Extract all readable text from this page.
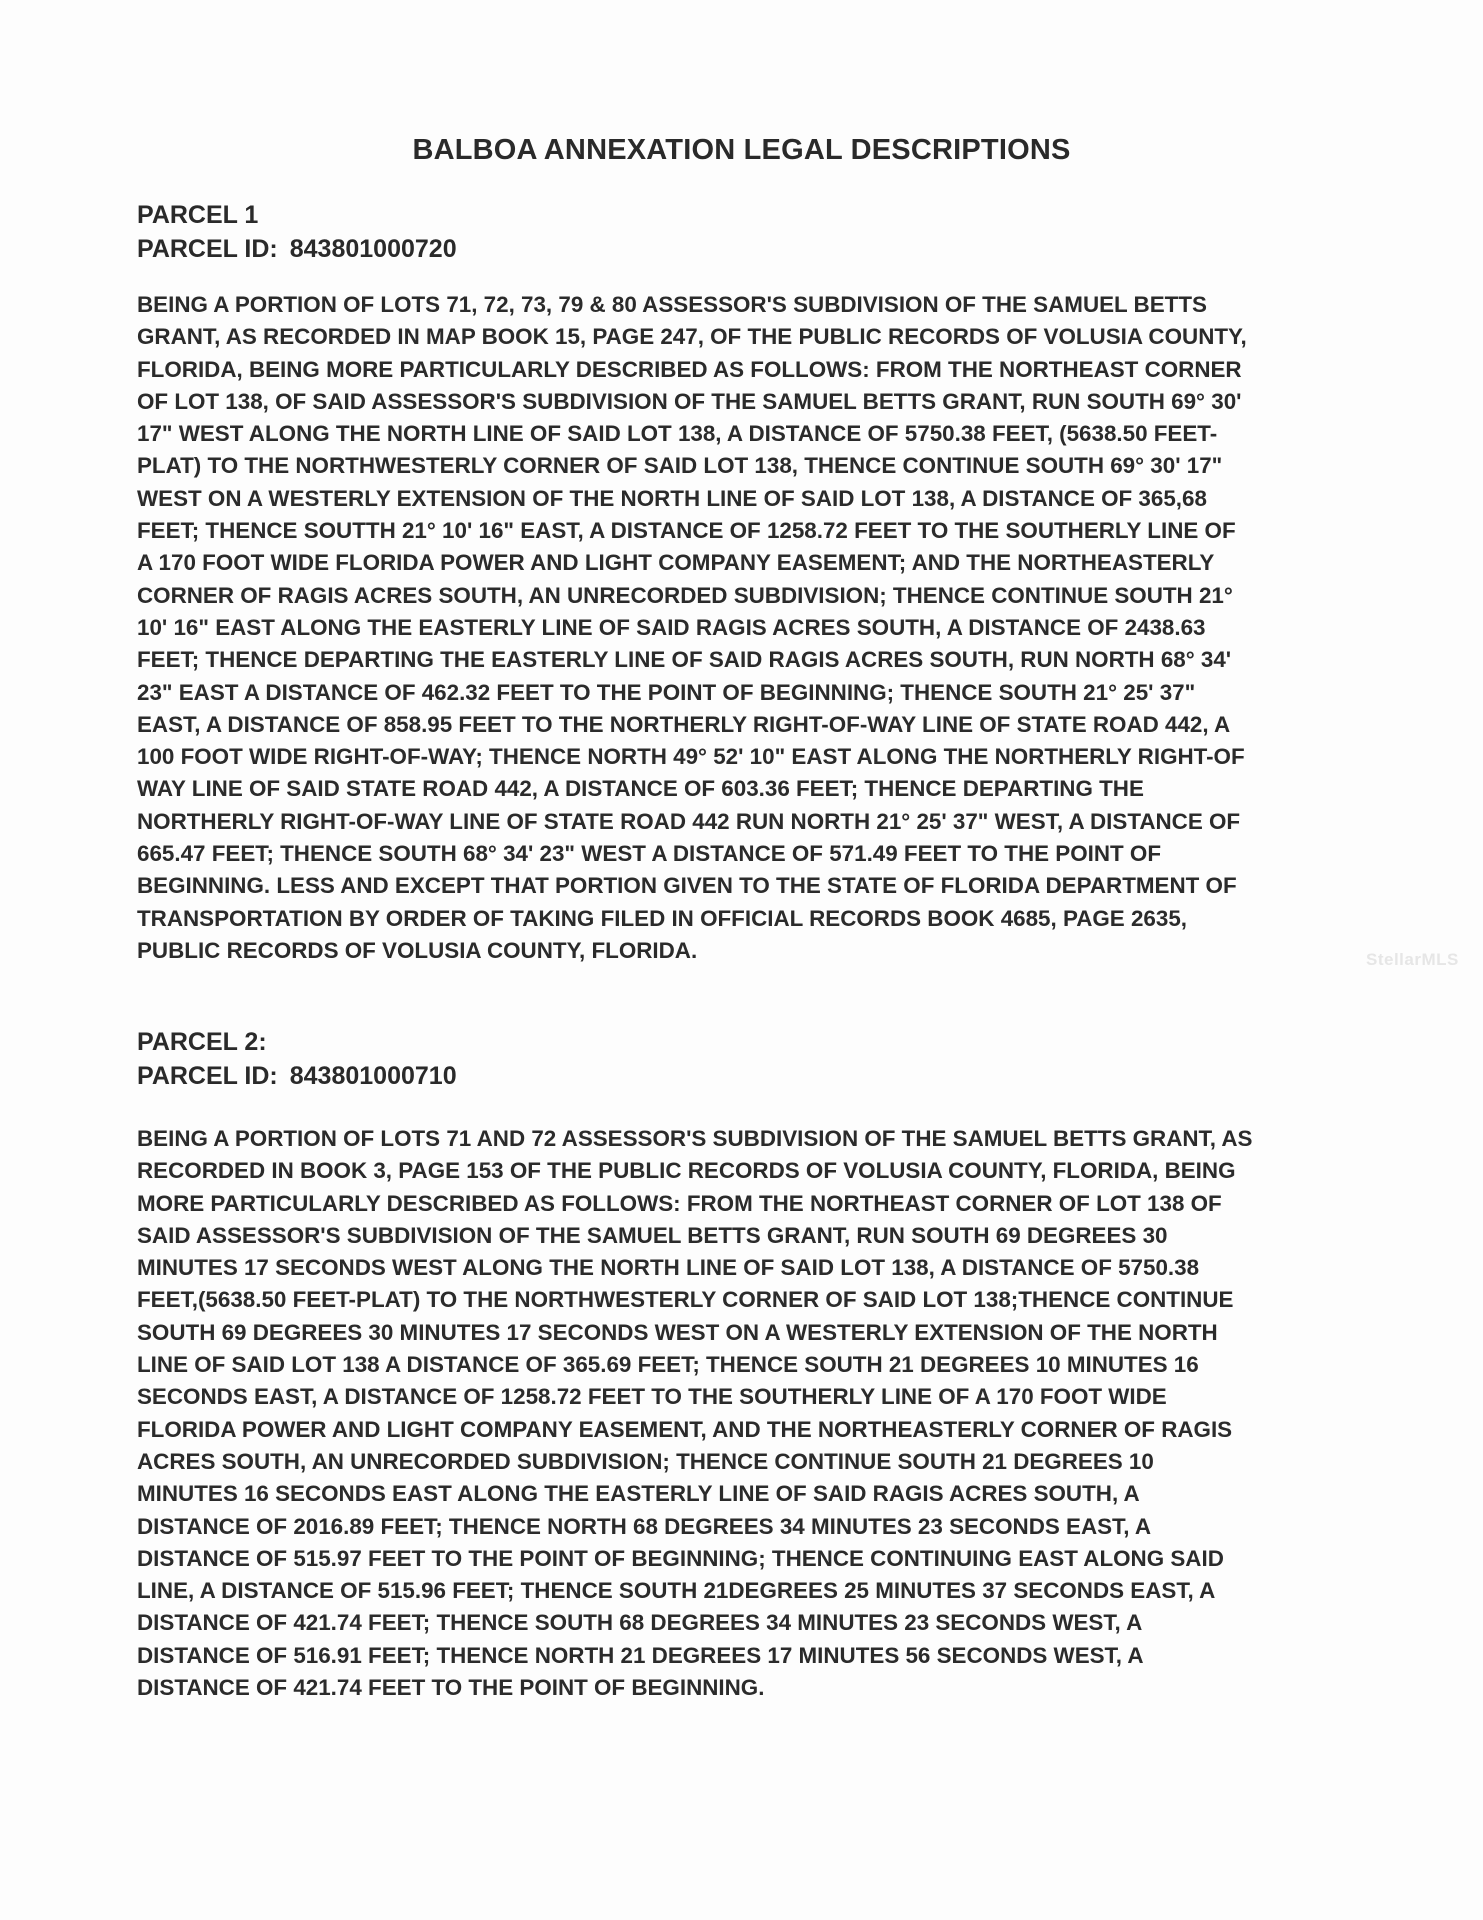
BALBOA ANNEXATION LEGAL DESCRIPTIONS
PARCEL 1
PARCEL ID: 843801000720
BEING A PORTION OF LOTS 71, 72, 73, 79 & 80 ASSESSOR'S SUBDIVISION OF THE SAMUEL BETTS
GRANT, AS RECORDED IN MAP BOOK 15, PAGE 247, OF THE PUBLIC RECORDS OF VOLUSIA COUNTY,
FLORIDA, BEING MORE PARTICULARLY DESCRIBED AS FOLLOWS: FROM THE NORTHEAST CORNER
OF LOT 138, OF SAID ASSESSOR'S SUBDIVISION OF THE SAMUEL BETTS GRANT, RUN SOUTH 69° 30'
17" WEST ALONG THE NORTH LINE OF SAID LOT 138, A DISTANCE OF 5750.38 FEET, (5638.50 FEET-
PLAT) TO THE NORTHWESTERLY CORNER OF SAID LOT 138, THENCE CONTINUE SOUTH 69° 30' 17"
WEST ON A WESTERLY EXTENSION OF THE NORTH LINE OF SAID LOT 138, A DISTANCE OF 365,68
FEET; THENCE SOUTTH 21° 10' 16" EAST, A DISTANCE OF 1258.72 FEET TO THE SOUTHERLY LINE OF
A 170 FOOT WIDE FLORIDA POWER AND LIGHT COMPANY EASEMENT; AND THE NORTHEASTERLY
CORNER OF RAGIS ACRES SOUTH, AN UNRECORDED SUBDIVISION; THENCE CONTINUE SOUTH 21°
10' 16" EAST ALONG THE EASTERLY LINE OF SAID RAGIS ACRES SOUTH, A DISTANCE OF 2438.63
FEET; THENCE DEPARTING THE EASTERLY LINE OF SAID RAGIS ACRES SOUTH, RUN NORTH 68° 34'
23" EAST A DISTANCE OF 462.32 FEET TO THE POINT OF BEGINNING; THENCE SOUTH 21° 25' 37"
EAST, A DISTANCE OF 858.95 FEET TO THE NORTHERLY RIGHT-OF-WAY LINE OF STATE ROAD 442, A
100 FOOT WIDE RIGHT-OF-WAY; THENCE NORTH 49° 52' 10" EAST ALONG THE NORTHERLY RIGHT-OF
WAY LINE OF SAID STATE ROAD 442, A DISTANCE OF 603.36 FEET; THENCE DEPARTING THE
NORTHERLY RIGHT-OF-WAY LINE OF STATE ROAD 442 RUN NORTH 21° 25' 37" WEST, A DISTANCE OF
665.47 FEET; THENCE SOUTH 68° 34' 23" WEST A DISTANCE OF 571.49 FEET TO THE POINT OF
BEGINNING. LESS AND EXCEPT THAT PORTION GIVEN TO THE STATE OF FLORIDA DEPARTMENT OF
TRANSPORTATION BY ORDER OF TAKING FILED IN OFFICIAL RECORDS BOOK 4685, PAGE 2635,
PUBLIC RECORDS OF VOLUSIA COUNTY, FLORIDA.
PARCEL 2:
PARCEL ID: 843801000710
BEING A PORTION OF LOTS 71 AND 72 ASSESSOR'S SUBDIVISION OF THE SAMUEL BETTS GRANT, AS
RECORDED IN BOOK 3, PAGE 153 OF THE PUBLIC RECORDS OF VOLUSIA COUNTY, FLORIDA, BEING
MORE PARTICULARLY DESCRIBED AS FOLLOWS: FROM THE NORTHEAST CORNER OF LOT 138 OF
SAID ASSESSOR'S SUBDIVISION OF THE SAMUEL BETTS GRANT, RUN SOUTH 69 DEGREES 30
MINUTES 17 SECONDS WEST ALONG THE NORTH LINE OF SAID LOT 138, A DISTANCE OF 5750.38
FEET,(5638.50 FEET-PLAT) TO THE NORTHWESTERLY CORNER OF SAID LOT 138;THENCE CONTINUE
SOUTH 69 DEGREES 30 MINUTES 17 SECONDS WEST ON A WESTERLY EXTENSION OF THE NORTH
LINE OF SAID LOT 138 A DISTANCE OF 365.69 FEET; THENCE SOUTH 21 DEGREES 10 MINUTES 16
SECONDS EAST, A DISTANCE OF 1258.72 FEET TO THE SOUTHERLY LINE OF A 170 FOOT WIDE
FLORIDA POWER AND LIGHT COMPANY EASEMENT, AND THE NORTHEASTERLY CORNER OF RAGIS
ACRES SOUTH, AN UNRECORDED SUBDIVISION; THENCE CONTINUE SOUTH 21 DEGREES 10
MINUTES 16 SECONDS EAST ALONG THE EASTERLY LINE OF SAID RAGIS ACRES SOUTH, A
DISTANCE OF 2016.89 FEET; THENCE NORTH 68 DEGREES 34 MINUTES 23 SECONDS EAST, A
DISTANCE OF 515.97 FEET TO THE POINT OF BEGINNING; THENCE CONTINUING EAST ALONG SAID
LINE, A DISTANCE OF 515.96 FEET; THENCE SOUTH 21DEGREES 25 MINUTES 37 SECONDS EAST, A
DISTANCE OF 421.74 FEET; THENCE SOUTH 68 DEGREES 34 MINUTES 23 SECONDS WEST, A
DISTANCE OF 516.91 FEET; THENCE NORTH 21 DEGREES 17 MINUTES 56 SECONDS WEST, A
DISTANCE OF 421.74 FEET TO THE POINT OF BEGINNING.
StellarMLS
